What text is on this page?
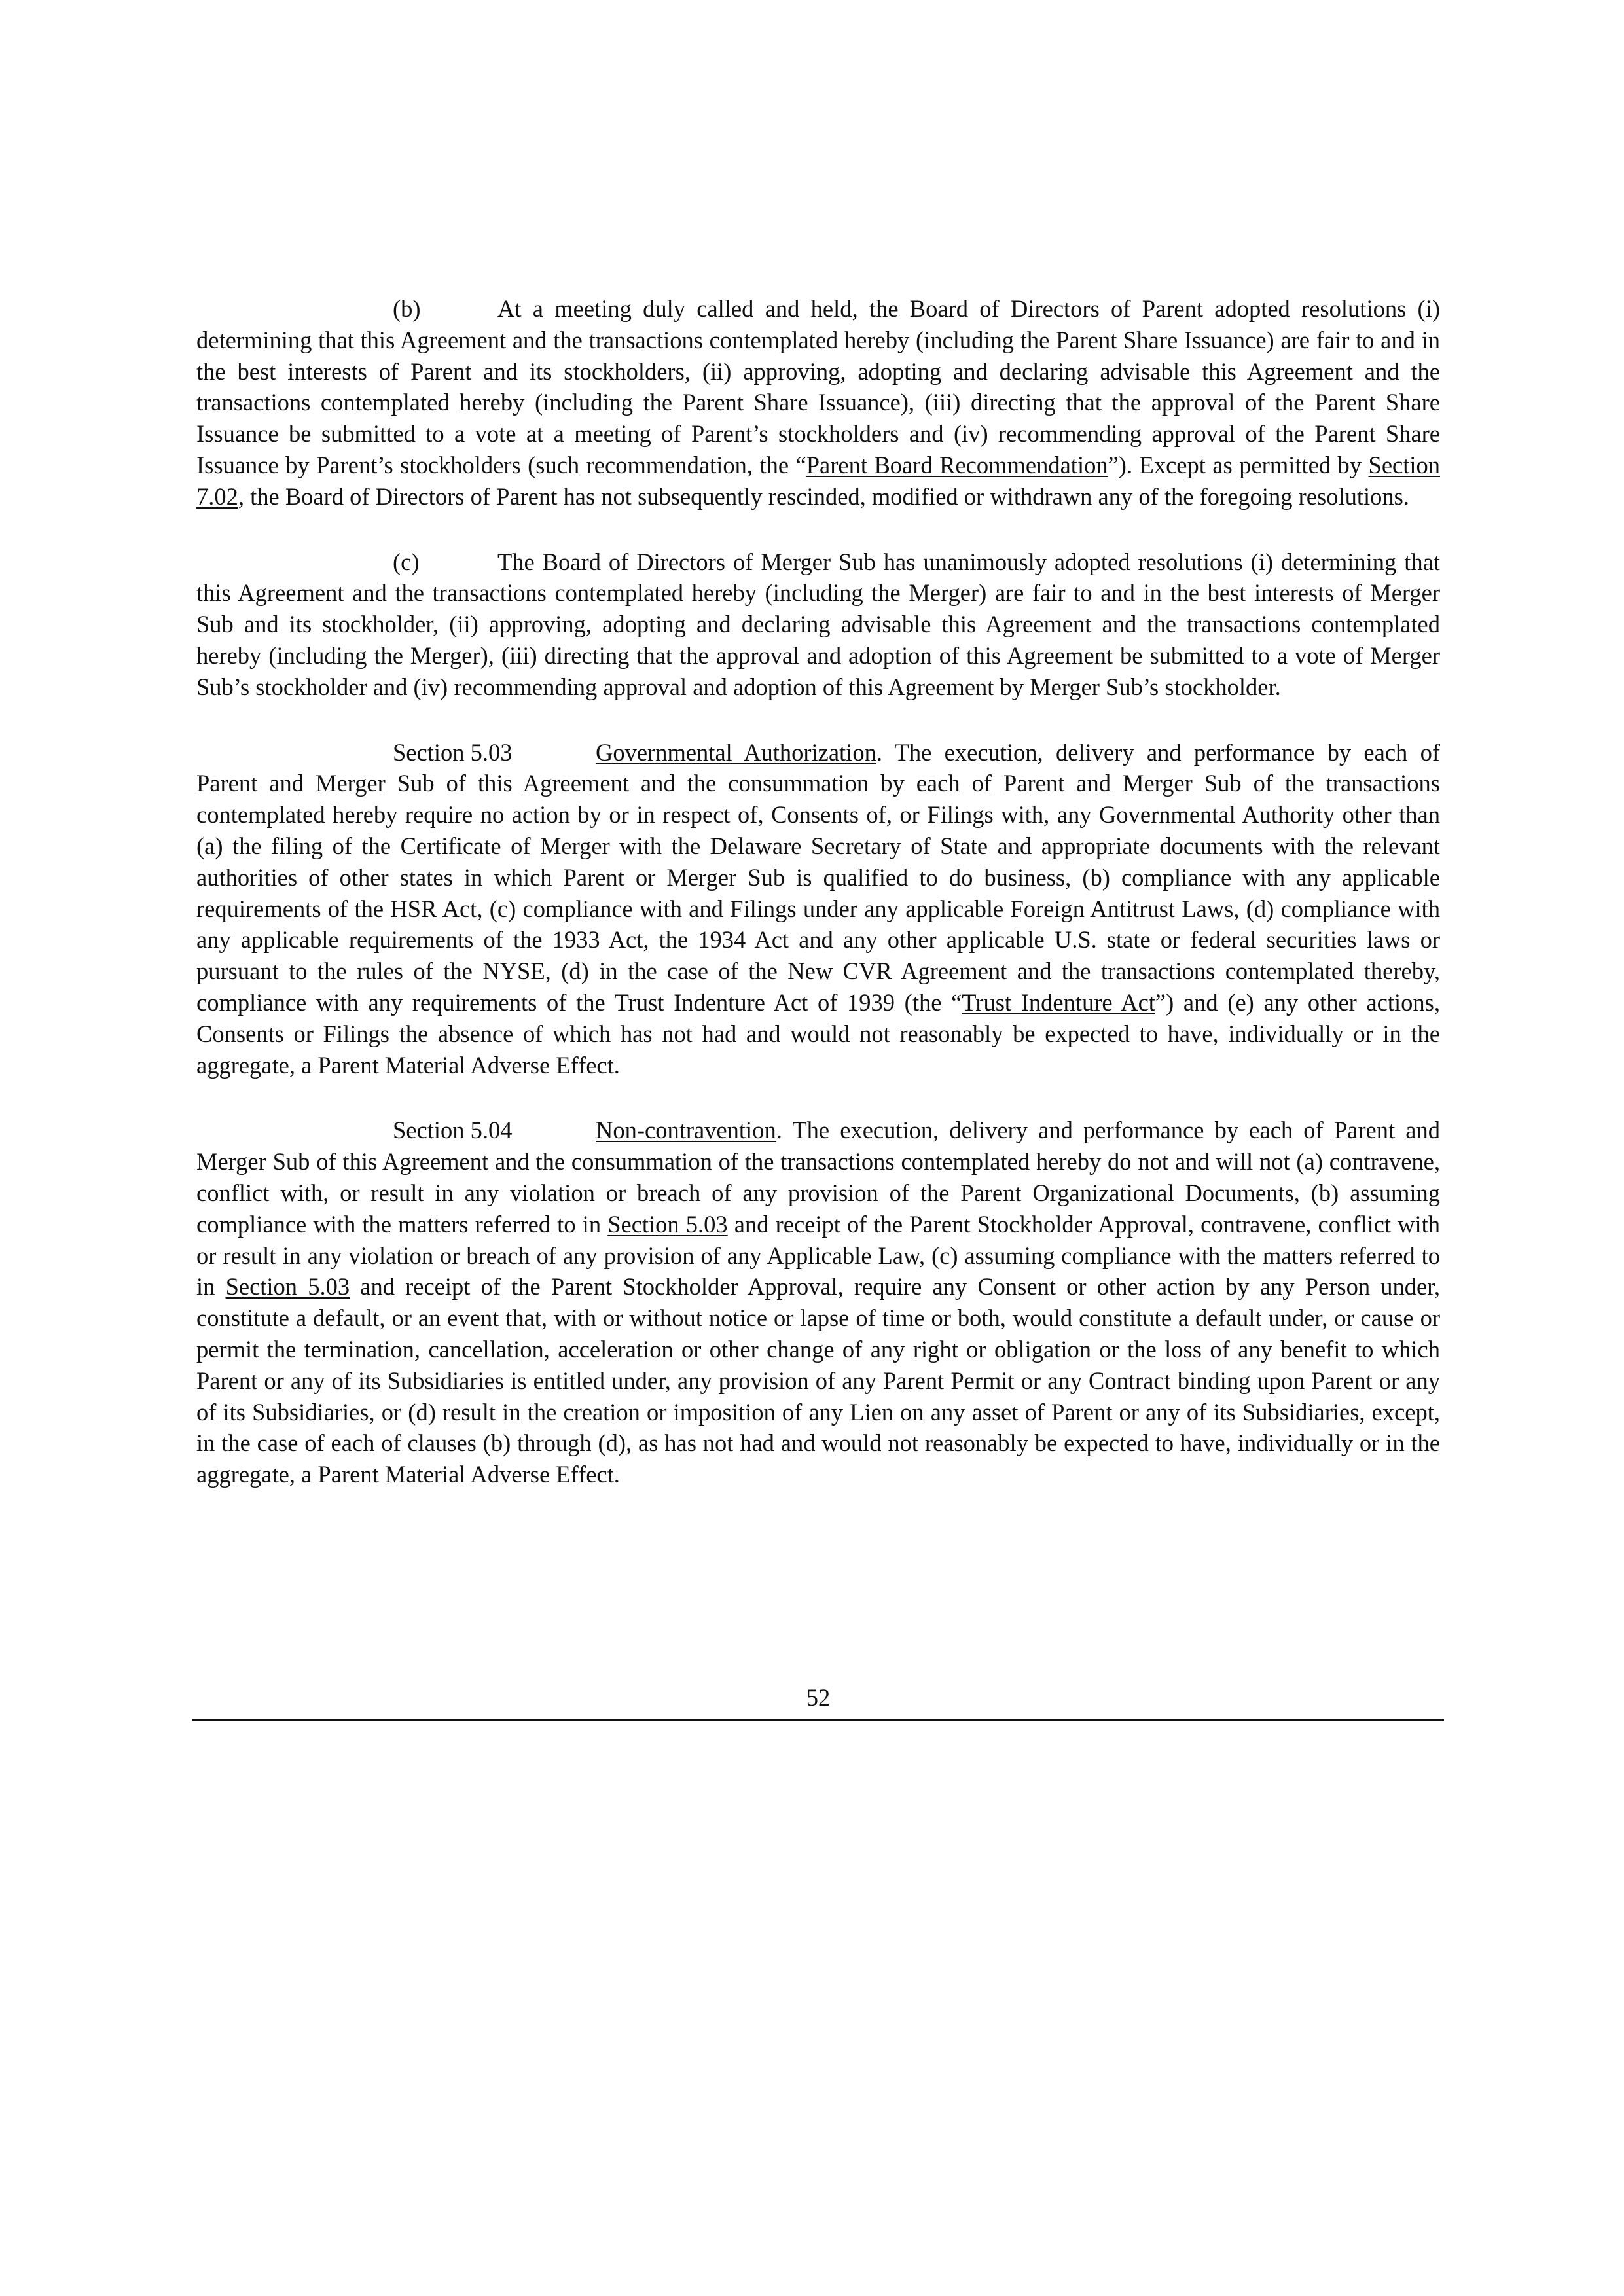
(b)	At a meeting duly called and held, the Board of Directors of Parent adopted resolutions (i) determining that this Agreement and the transactions contemplated hereby (including the Parent Share Issuance) are fair to and in the best interests of Parent and its stockholders, (ii) approving, adopting and declaring advisable this Agreement and the transactions contemplated hereby (including the Parent Share Issuance), (iii) directing that the approval of the Parent Share Issuance be submitted to a vote at a meeting of Parent’s stockholders and (iv) recommending approval of the Parent Share Issuance by Parent’s stockholders (such recommendation, the “Parent Board Recommendation”). Except as permitted by Section 7.02, the Board of Directors of Parent has not subsequently rescinded, modified or withdrawn any of the foregoing resolutions.

(c)	The Board of Directors of Merger Sub has unanimously adopted resolutions (i) determining that this Agreement and the transactions contemplated hereby (including the Merger) are fair to and in the best interests of Merger Sub and its stockholder, (ii) approving, adopting and declaring advisable this Agreement and the transactions contemplated hereby (including the Merger), (iii) directing that the approval and adoption of this Agreement be submitted to a vote of Merger Sub’s stockholder and (iv) recommending approval and adoption of this Agreement by Merger Sub’s stockholder.

Section 5.03	Governmental Authorization. The execution, delivery and performance by each of Parent and Merger Sub of this Agreement and the consummation by each of Parent and Merger Sub of the transactions contemplated hereby require no action by or in respect of, Consents of, or Filings with, any Governmental Authority other than (a) the filing of the Certificate of Merger with the Delaware Secretary of State and appropriate documents with the relevant authorities of other states in which Parent or Merger Sub is qualified to do business, (b) compliance with any applicable requirements of the HSR Act, (c) compliance with and Filings under any applicable Foreign Antitrust Laws, (d) compliance with any applicable requirements of the 1933 Act, the 1934 Act and any other applicable U.S. state or federal securities laws or pursuant to the rules of the NYSE, (d) in the case of the New CVR Agreement and the transactions contemplated thereby, compliance with any requirements of the Trust Indenture Act of 1939 (the “Trust Indenture Act”) and (e) any other actions, Consents or Filings the absence of which has not had and would not reasonably be expected to have, individually or in the aggregate, a Parent Material Adverse Effect.

Section 5.04	Non-contravention. The execution, delivery and performance by each of Parent and Merger Sub of this Agreement and the consummation of the transactions contemplated hereby do not and will not (a) contravene, conflict with, or result in any violation or breach of any provision of the Parent Organizational Documents, (b) assuming compliance with the matters referred to in Section 5.03 and receipt of the Parent Stockholder Approval, contravene, conflict with or result in any violation or breach of any provision of any Applicable Law, (c) assuming compliance with the matters referred to in Section 5.03 and receipt of the Parent Stockholder Approval, require any Consent or other action by any Person under, constitute a default, or an event that, with or without notice or lapse of time or both, would constitute a default under, or cause or permit the termination, cancellation, acceleration or other change of any right or obligation or the loss of any benefit to which Parent or any of its Subsidiaries is entitled under, any provision of any Parent Permit or any Contract binding upon Parent or any of its Subsidiaries, or (d) result in the creation or imposition of any Lien on any asset of Parent or any of its Subsidiaries, except, in the case of each of clauses (b) through (d), as has not had and would not reasonably be expected to have, individually or in the aggregate, a Parent Material Adverse Effect.

52
